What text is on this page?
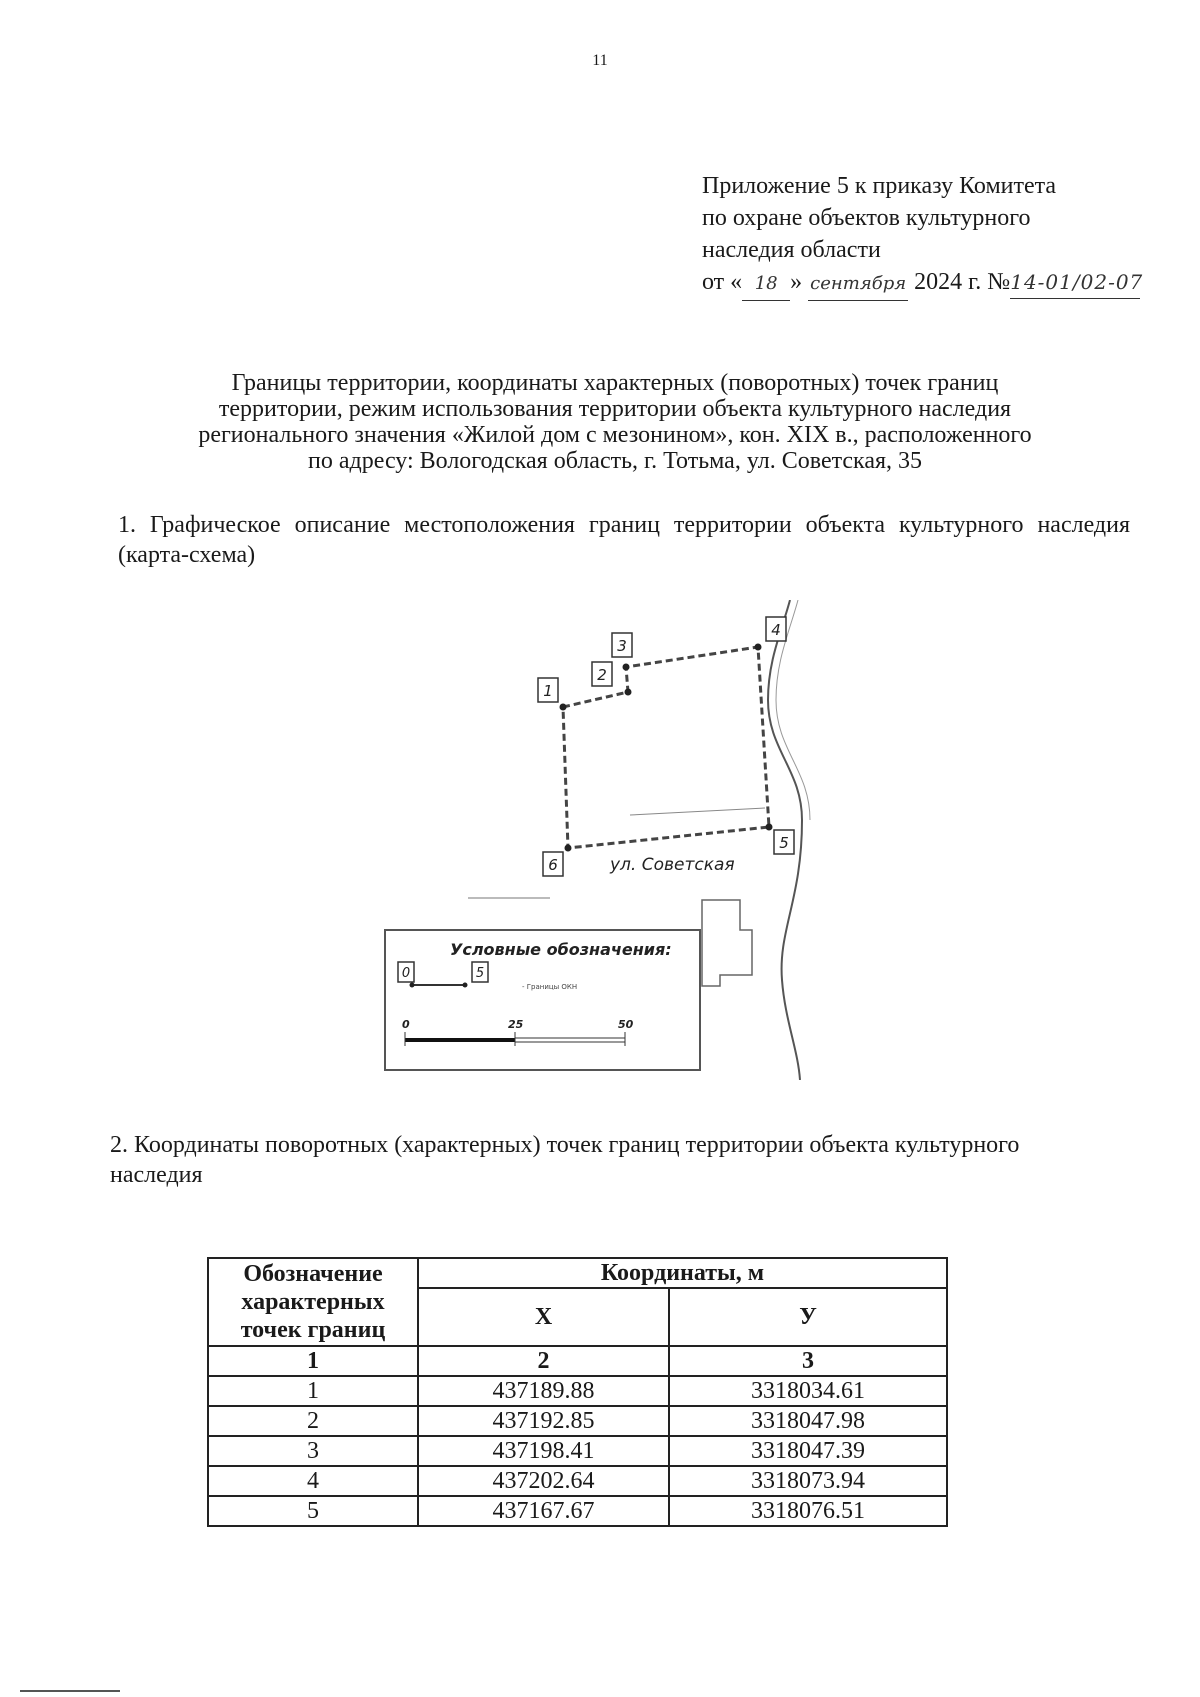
11
Приложение 5 к приказу Комитета
по охране объектов культурного
наследия области
от « 18 » сентября 2024 г. №14-01/02-07
Границы территории, координаты характерных (поворотных) точек границ
территории, режим использования территории объекта культурного наследия
регионального значения «Жилой дом с мезонином», кон. XIX в., расположенного
по адресу: Вологодская область, г. Тотьма, ул. Советская, 35
1. Графическое описание местоположения границ территории объекта культурного наследия (карта-схема)
1
2
3
4
5
6	ул. Советская
Условные обозначения:
0	5
- Границы ОКН
0	25	50
2. Координаты поворотных (характерных) точек границ территории объекта культурного наследия
Обозначение характерных точек границ	Координаты, м	
	X	У
1	2	3
1	437189.88	3318034.61
2	437192.85	3318047.98
3	437198.41	3318047.39
4	437202.64	3318073.94
5	437167.67	3318076.51
